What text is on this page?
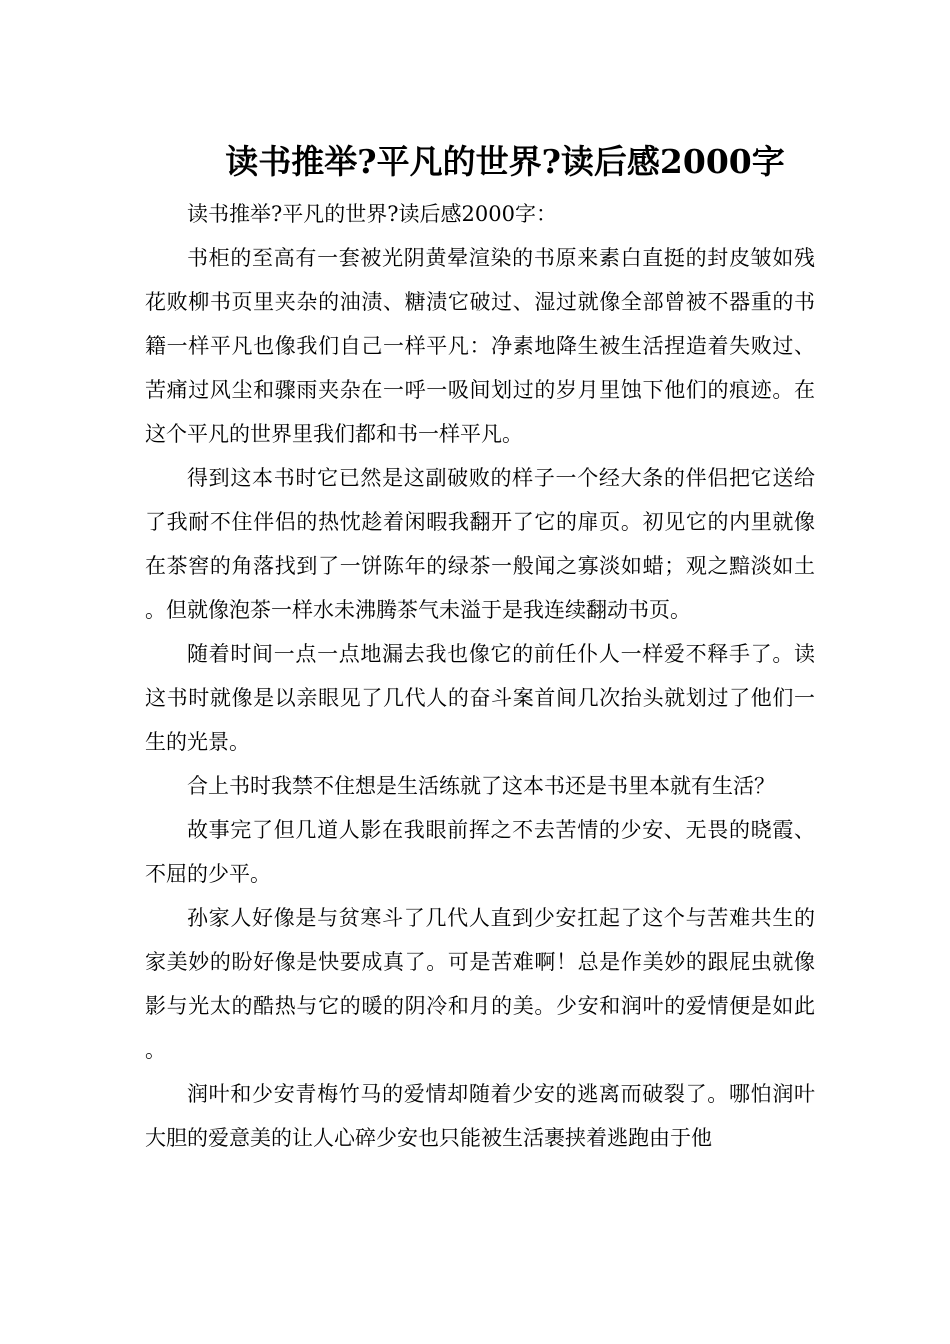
读书推举?平凡的世界?读后感2000字

读书推举?平凡的世界?读后感2000字：

书柜的至高有一套被光阴黄晕渲染的书原来素白直挺的封皮皱如残花败柳书页里夹杂的油渍、糖渍它破过、湿过就像全部曾被不器重的书籍一样平凡也像我们自己一样平凡：净素地降生被生活捏造着失败过、苦痛过风尘和骤雨夹杂在一呼一吸间划过的岁月里蚀下他们的痕迹。在这个平凡的世界里我们都和书一样平凡。

得到这本书时它已然是这副破败的样子一个经大条的伴侣把它送给了我耐不住伴侣的热忱趁着闲暇我翻开了它的扉页。初见它的内里就像在茶窖的角落找到了一饼陈年的绿茶一般闻之寡淡如蜡；观之黯淡如土。但就像泡茶一样水未沸腾茶气未溢于是我连续翻动书页。

随着时间一点一点地漏去我也像它的前任仆人一样爱不释手了。读这书时就像是以亲眼见了几代人的奋斗案首间几次抬头就划过了他们一生的光景。

合上书时我禁不住想是生活练就了这本书还是书里本就有生活？

故事完了但几道人影在我眼前挥之不去苦情的少安、无畏的晓霞、不屈的少平。

孙家人好像是与贫寒斗了几代人直到少安扛起了这个与苦难共生的家美妙的盼好像是快要成真了。可是苦难啊！总是作美妙的跟屁虫就像影与光太的酷热与它的暖的阴冷和月的美。少安和润叶的爱情便是如此。

润叶和少安青梅竹马的爱情却随着少安的逃离而破裂了。哪怕润叶大胆的爱意美的让人心碎少安也只能被生活裹挟着逃跑由于他
